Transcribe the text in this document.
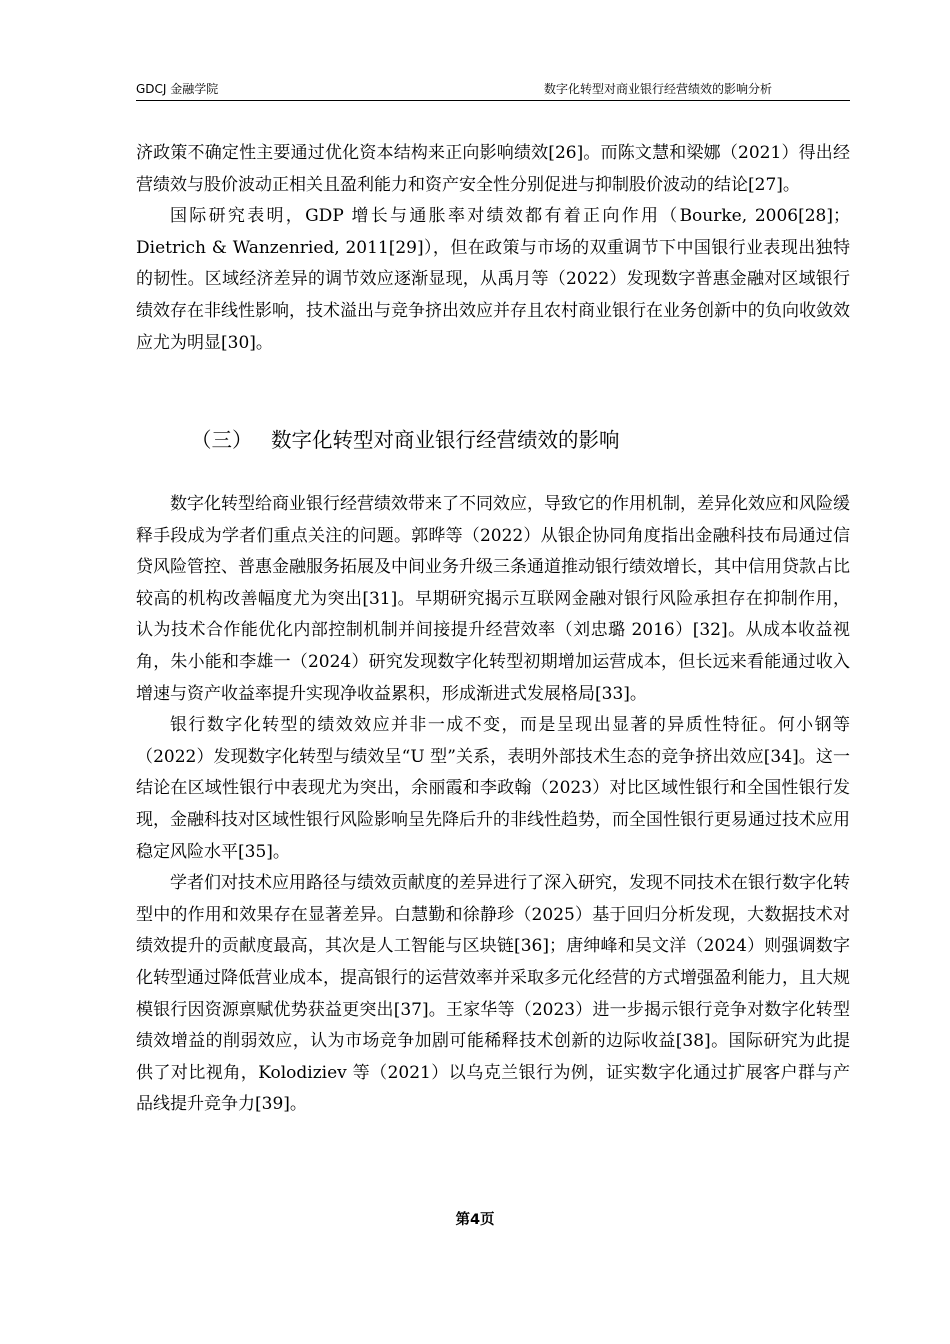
GDCJ 金融学院	数字化转型对商业银行经营绩效的影响分析

济政策不确定性主要通过优化资本结构来正向影响绩效[26]。而陈文慧和梁娜（2021）得出经营绩效与股价波动正相关且盈利能力和资产安全性分别促进与抑制股价波动的结论[27]。

国际研究表明，GDP 增长与通胀率对绩效都有着正向作用（Bourke, 2006[28]；Dietrich & Wanzenried, 2011[29]），但在政策与市场的双重调节下中国银行业表现出独特的韧性。区域经济差异的调节效应逐渐显现，从禹月等（2022）发现数字普惠金融对区域银行绩效存在非线性影响，技术溢出与竞争挤出效应并存且农村商业银行在业务创新中的负向收敛效应尤为明显[30]。

（三） 数字化转型对商业银行经营绩效的影响

数字化转型给商业银行经营绩效带来了不同效应，导致它的作用机制，差异化效应和风险缓释手段成为学者们重点关注的问题。郭晔等（2022）从银企协同角度指出金融科技布局通过信贷风险管控、普惠金融服务拓展及中间业务升级三条通道推动银行绩效增长，其中信用贷款占比较高的机构改善幅度尤为突出[31]。早期研究揭示互联网金融对银行风险承担存在抑制作用，认为技术合作能优化内部控制机制并间接提升经营效率（刘忠璐 2016）[32]。从成本收益视角，朱小能和李雄一（2024）研究发现数字化转型初期增加运营成本，但长远来看能通过收入增速与资产收益率提升实现净收益累积，形成渐进式发展格局[33]。

银行数字化转型的绩效效应并非一成不变，而是呈现出显著的异质性特征。何小钢等（2022）发现数字化转型与绩效呈“U 型”关系，表明外部技术生态的竞争挤出效应[34]。这一结论在区域性银行中表现尤为突出，余丽霞和李政翰（2023）对比区域性银行和全国性银行发现，金融科技对区域性银行风险影响呈先降后升的非线性趋势，而全国性银行更易通过技术应用稳定风险水平[35]。

学者们对技术应用路径与绩效贡献度的差异进行了深入研究，发现不同技术在银行数字化转型中的作用和效果存在显著差异。白慧勤和徐静珍（2025）基于回归分析发现，大数据技术对绩效提升的贡献度最高，其次是人工智能与区块链[36]；唐绅峰和吴文洋（2024）则强调数字化转型通过降低营业成本，提高银行的运营效率并采取多元化经营的方式增强盈利能力，且大规模银行因资源禀赋优势获益更突出[37]。王家华等（2023）进一步揭示银行竞争对数字化转型绩效增益的削弱效应，认为市场竞争加剧可能稀释技术创新的边际收益[38]。国际研究为此提供了对比视角，Kolodiziev 等（2021）以乌克兰银行为例，证实数字化通过扩展客户群与产品线提升竞争力[39]。

第4页
